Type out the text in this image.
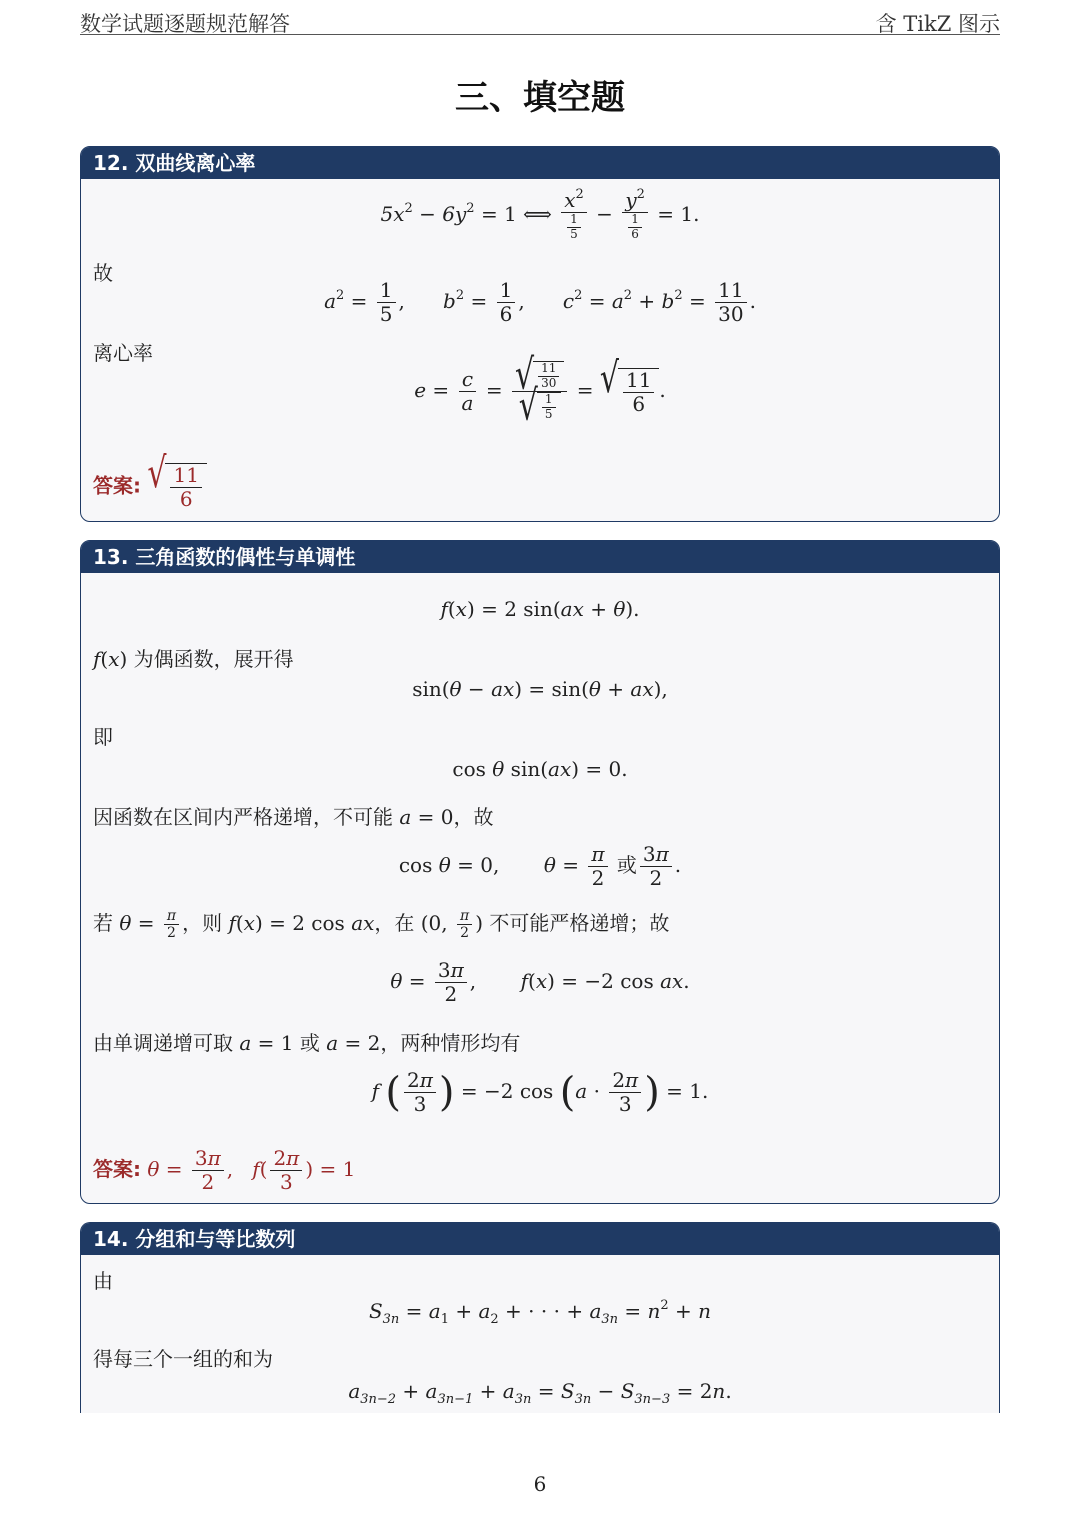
数学试题逐题规范解答	含 TikZ 图示
三、填空题
12. 双曲线离心率
$5x^2 - 6y^2 = 1$ ⟺ $\frac{x^2}{\frac{1}{5}} - \frac{y^2}{\frac{1}{6}} = 1$.
故
$a^2 = \frac{1}{5}$ ,      $b^2 = \frac{1}{6}$ ,      $c^2 = a^2 + b^2 = \frac{11}{30}$ .
离心率
$e = \frac{c}{a} = \frac{√ \frac{11}{30}}{√ \frac{1}{5}}$ = √ $\frac{11}{6}$ .
答案: √ $\frac{11}{6}$
13. 三角函数的偶性与单调性
f(x) = 2 sin(ax + θ).
f(x) 为偶函数，展开得
sin(θ − ax) = sin(θ + ax),
即
cos θ sin(ax) = 0.
因函数在区间内严格递增，不可能 a = 0，故
cos θ = 0,       $\theta = \frac{\pi}{2}$ 或 $\frac{3\pi}{2}$ .
若 $\theta = \frac{\pi}{2}$ ，则 f(x) = 2 cos ax，在 (0, $\frac{\pi}{2}$ ) 不可能严格递增；故
$\theta = \frac{3\pi}{2}$ ,       f(x) = −2 cos ax.
由单调递增可取 a = 1 或 a = 2，两种情形均有
f ( $\frac{2\pi}{3}$ ) = −2 $\cos (a \cdot \frac{2\pi}{3}$ ) = 1.
答案: $\theta = \frac{3\pi}{2}$ ,   $f( \frac{2\pi}{3}$ ) = 1
14. 分组和与等比数列
由
$S_{3n} = a_1 + a_2$ + · · · + $a_{3n} = n^2 + n$
得每三个一组的和为
$a_{3n-2} + a_{3n-1} + a_{3n} = S_{3n} - S_{3n-3} = 2n$.
6
